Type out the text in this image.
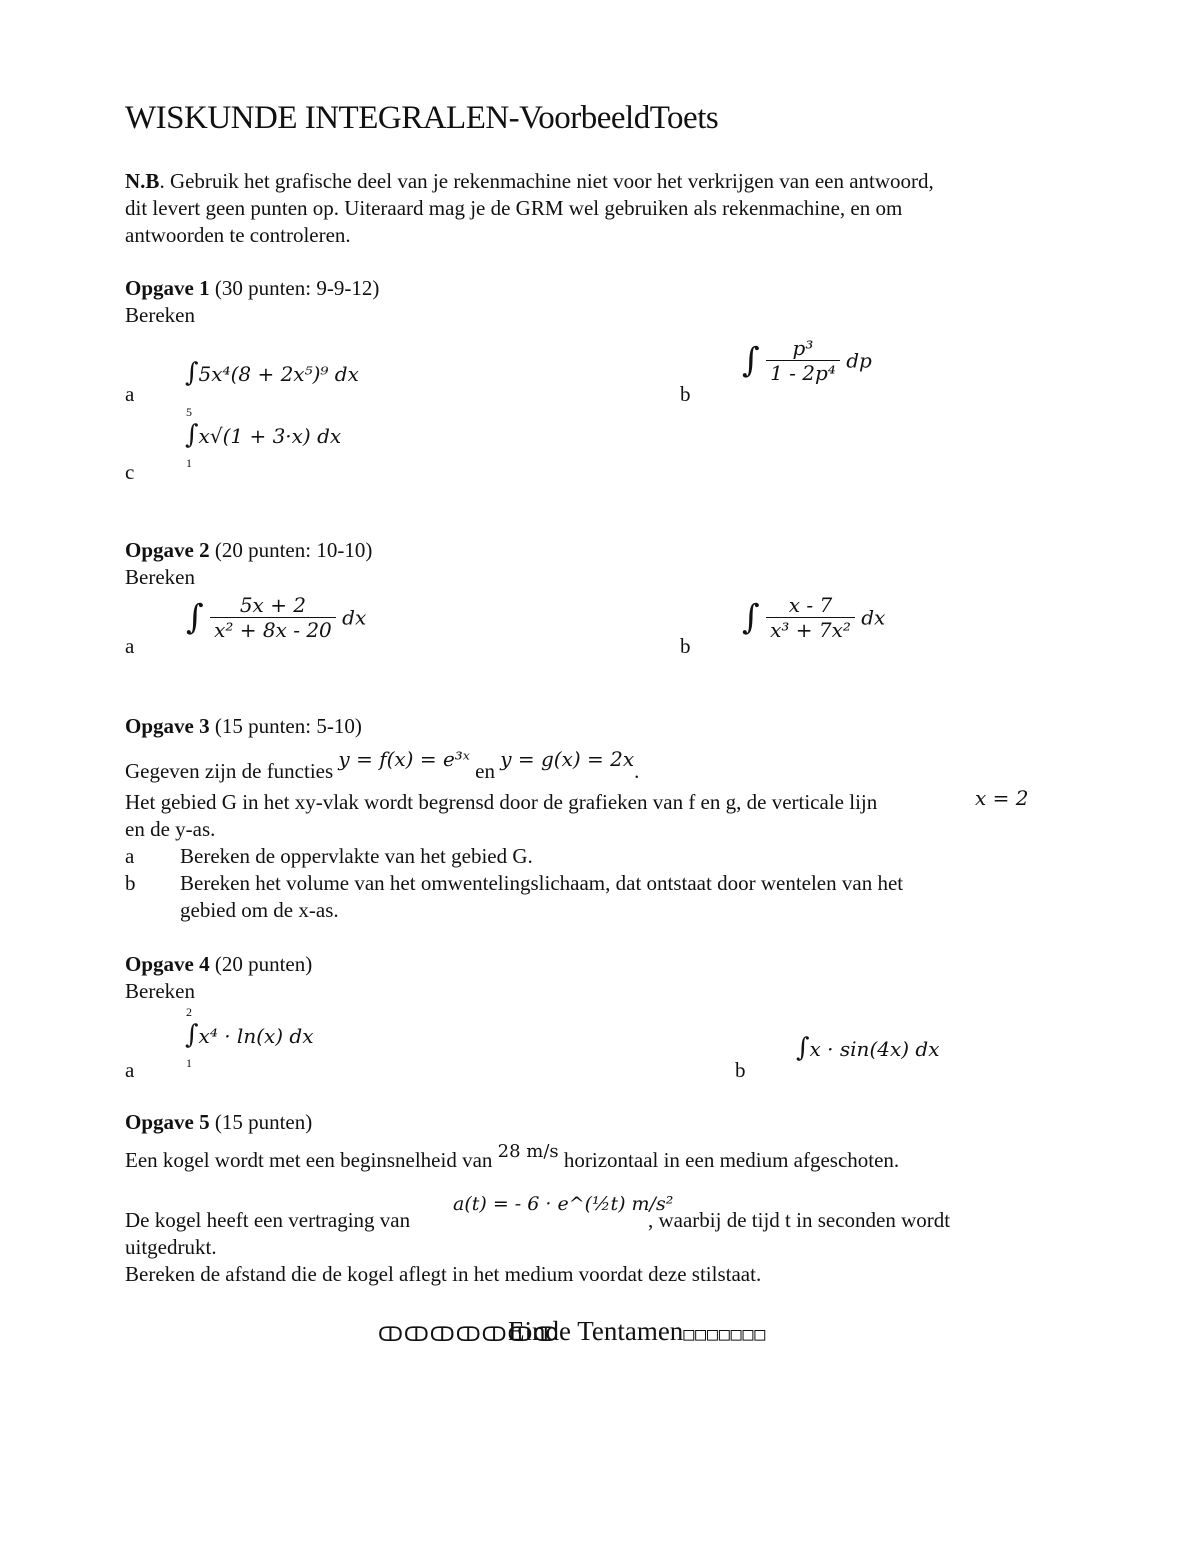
WISKUNDE INTEGRALEN-VoorbeeldToets
N.B. Gebruik het grafische deel van je rekenmachine niet voor het verkrijgen van een antwoord,
dit levert geen punten op. Uiteraard mag je de GRM wel gebruiken als rekenmachine, en om
antwoorden te controleren.
Opgave 1 (30 punten: 9-9-12)
Bereken
a
∫5x⁴(8 + 2x⁵)⁹ dx
b
∫ $\frac{\text{p³}}{\text{1 - 2p⁴}}$ dp
5
∫x√(1 + 3·x) dx
1
c
Opgave 2 (20 punten: 10-10)
Bereken
a
∫ $\frac{5x + 2}{\text{x² + 8x - 20}}$ dx
b
∫ $\frac{x - 7}{\text{x³ + 7x²}}$ dx
Opgave 3 (15 punten: 5-10)
Gegeven zijn de functies y = f(x) = e³ˣ en y = g(x) = 2x.
Het gebied G in het xy-vlak wordt begrensd door de grafieken van f en g, de verticale lijn	x = 2
en de y-as.
a Bereken de oppervlakte van het gebied G.
b Bereken het volume van het omwentelingslichaam, dat ontstaat door wentelen van het
gebied om de x-as.
Opgave 4 (20 punten)
Bereken
2
∫x⁴ · ln(x) dx
1
a	b
∫x · sin(4x) dx
Opgave 5 (15 punten)
Een kogel wordt met een beginsnelheid van 28 m/s horizontaal in een medium afgeschoten.
a(t) = - 6 · e^(½t) m/s²
De kogel heeft een vertraging van	, waarbij de tijd t in seconden wordt
uitgedrukt.
Bereken de afstand die de kogel aflegt in het medium voordat deze stilstaat.
ↀↀↀↀↀↀↀ
Einde Tentamen□□□□□□□
